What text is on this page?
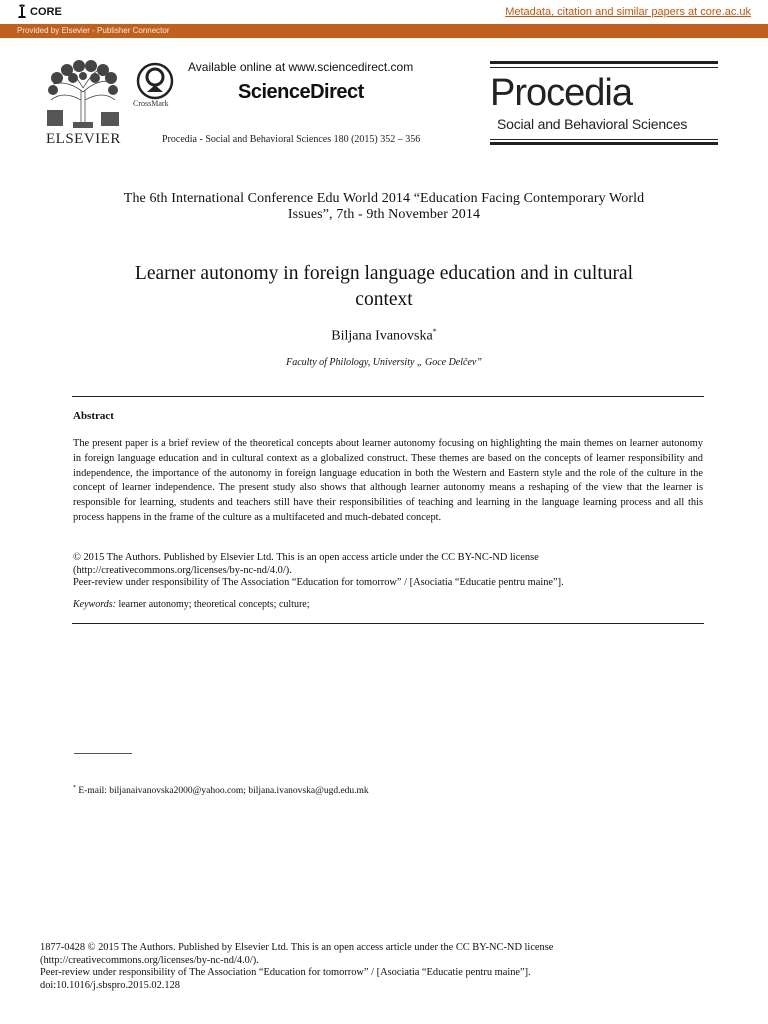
CORE	Metadata, citation and similar papers at core.ac.uk
Provided by Elsevier - Publisher Connector
ELSEVIER
CrossMark
Available online at www.sciencedirect.com
ScienceDirect
Procedia - Social and Behavioral Sciences 180 (2015) 352 – 356
Procedia
Social and Behavioral Sciences
The 6th International Conference Edu World 2014 “Education Facing Contemporary World
Issues”, 7th - 9th November 2014
Learner autonomy in foreign language education and in cultural
context
Biljana Ivanovska*
Faculty of Philology, University „ Goce Delčev”
Abstract
The present paper is a brief review of the theoretical concepts about learner autonomy focusing on highlighting the main themes on learner autonomy in foreign language education and in cultural context as a globalized construct. These themes are based on the concepts of learner responsibility and independence, the importance of the autonomy in foreign language education in both the Western and Eastern style and the role of the culture in the concept of learner independence. The present study also shows that although learner autonomy means a reshaping of the view that the learner is responsible for learning, students and teachers still have their responsibilities of teaching and learning in the language learning process and all this process happens in the frame of the culture as a multifaceted and much-debated concept.
© 2015 The Authors. Published by Elsevier Ltd. This is an open access article under the CC BY-NC-ND license
(http://creativecommons.org/licenses/by-nc-nd/4.0/).
Peer-review under responsibility of The Association “Education for tomorrow” / [Asociatia “Educatie pentru maine”].
Keywords: learner autonomy; theoretical concepts; culture;
* E-mail: biljanaivanovska2000@yahoo.com; biljana.ivanovska@ugd.edu.mk
1877-0428 © 2015 The Authors. Published by Elsevier Ltd. This is an open access article under the CC BY-NC-ND license
(http://creativecommons.org/licenses/by-nc-nd/4.0/).
Peer-review under responsibility of The Association “Education for tomorrow” / [Asociatia “Educatie pentru maine”].
doi:10.1016/j.sbspro.2015.02.128
